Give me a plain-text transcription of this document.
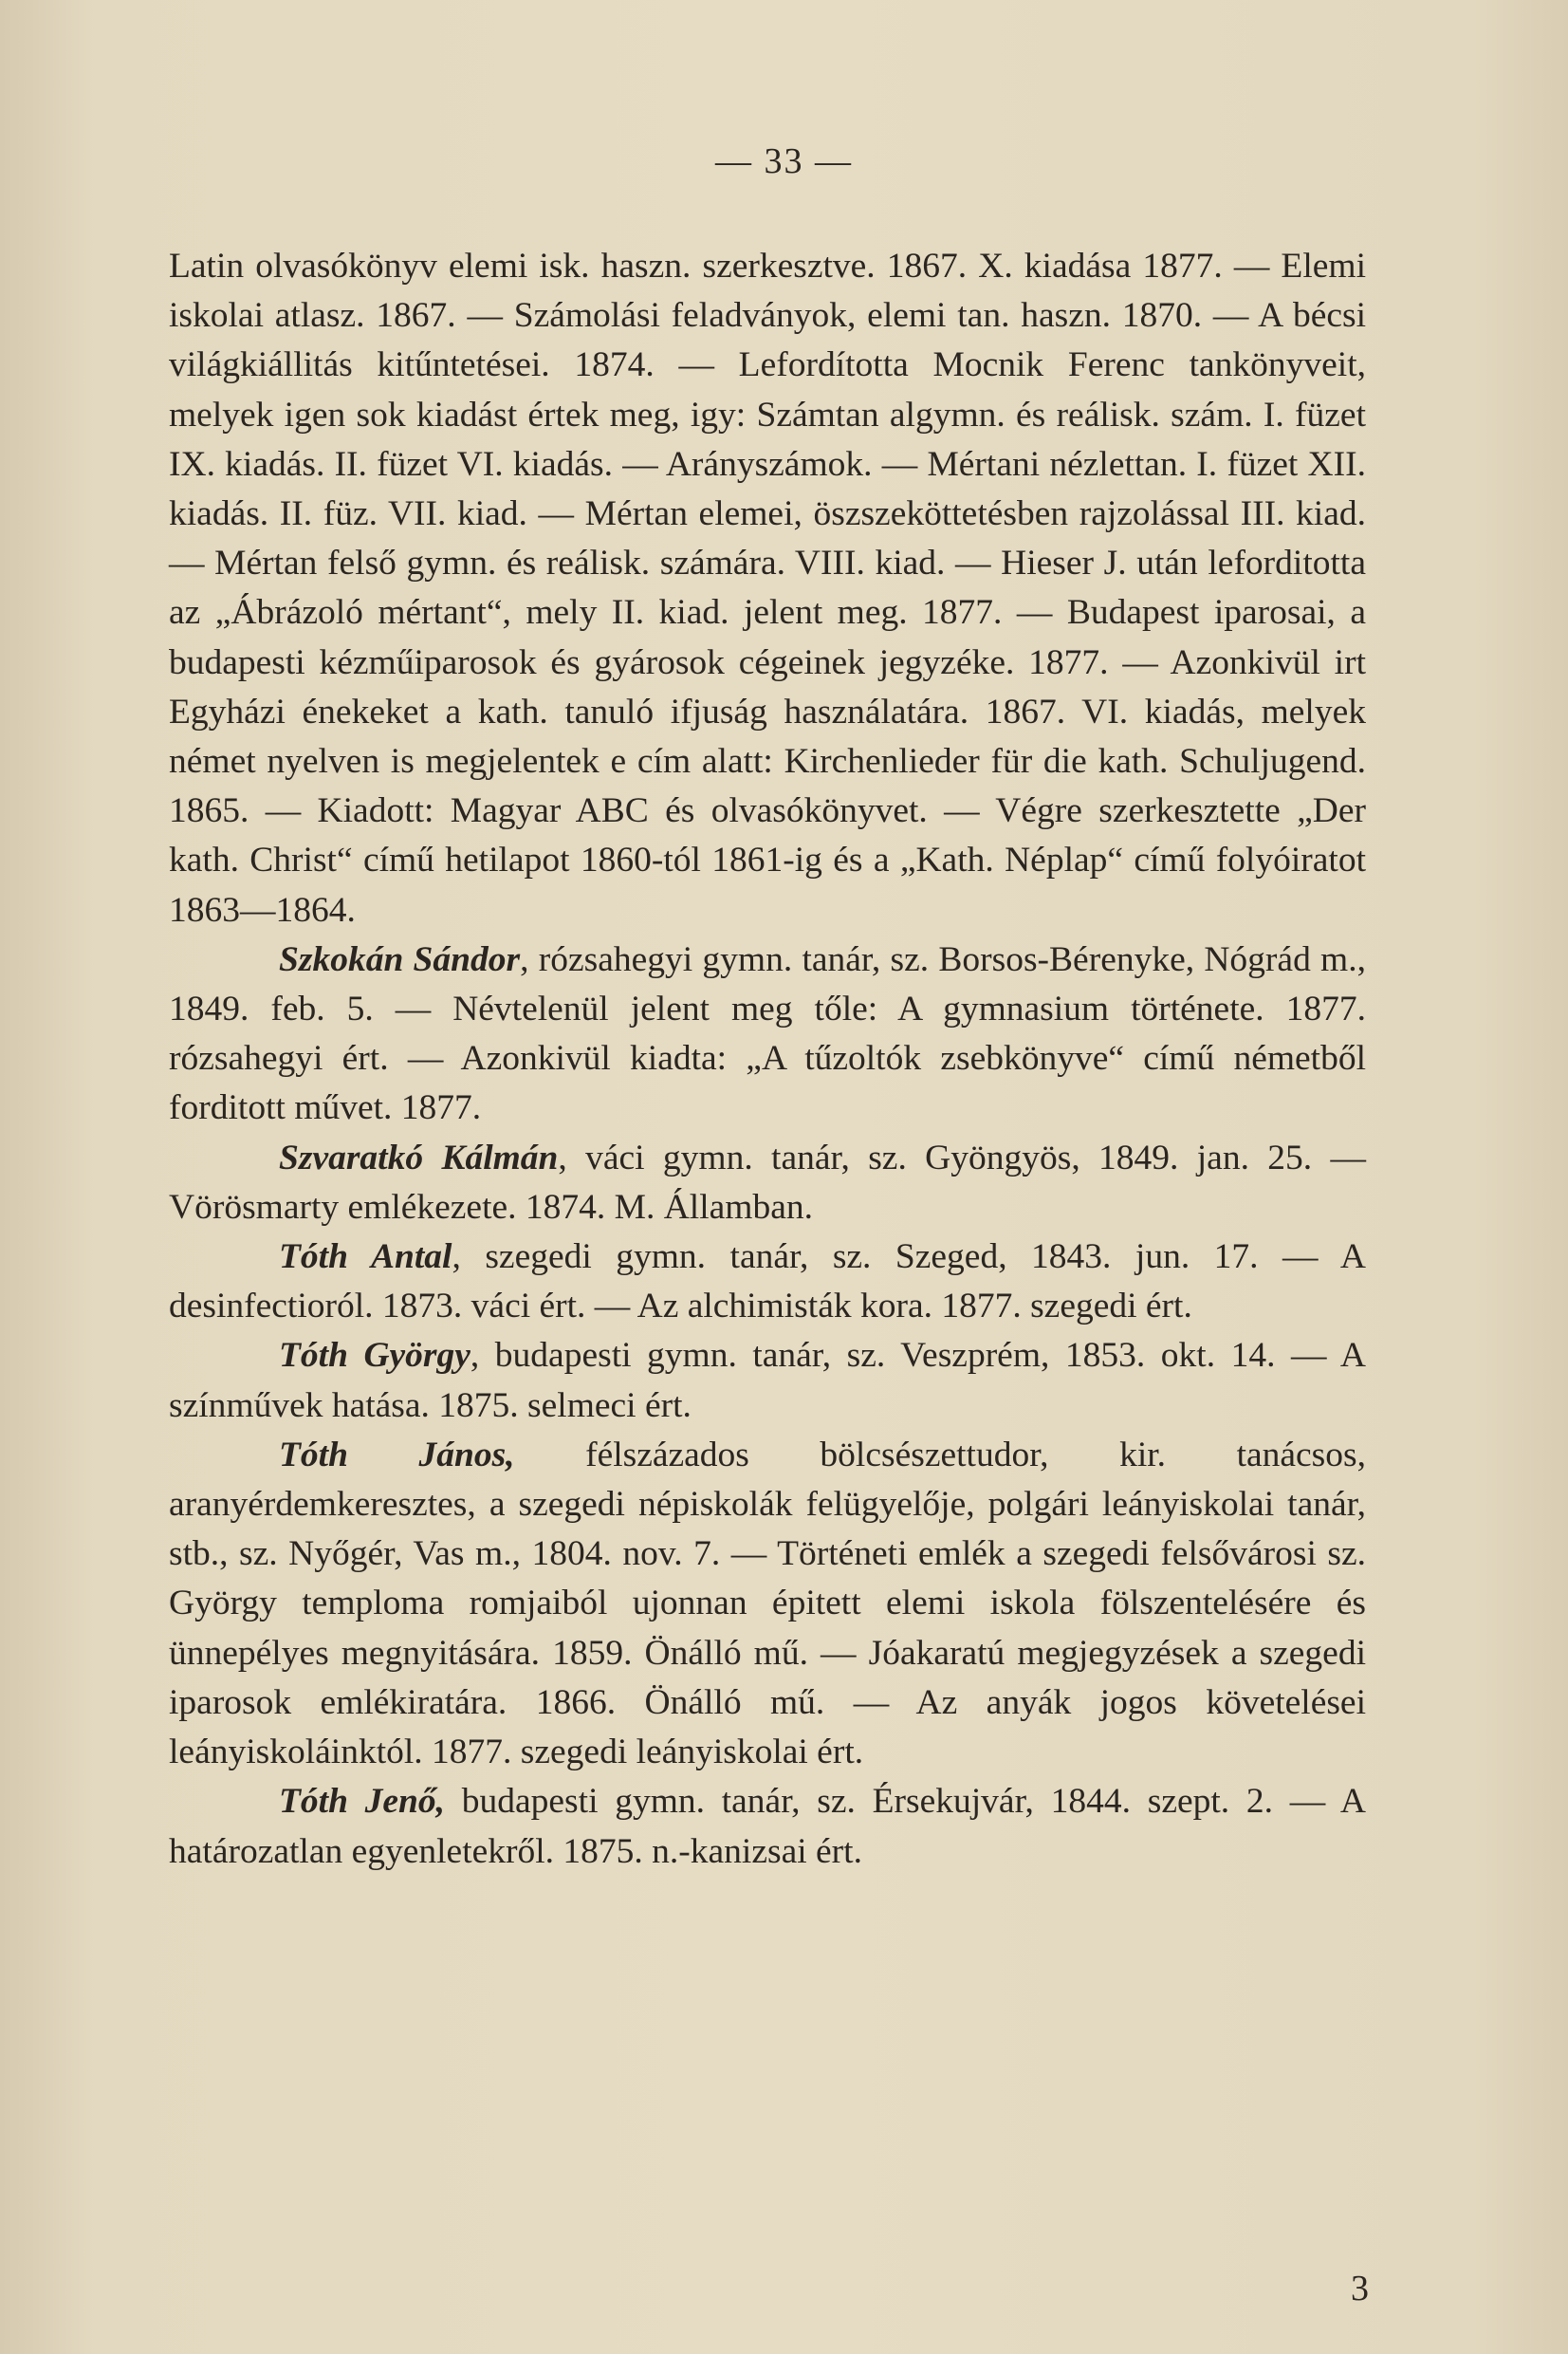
— 33 —

Latin olvasókönyv elemi isk. haszn. szerkesztve. 1867. X. kiadása 1877. — Elemi iskolai atlasz. 1867. — Számolási feladványok, elemi tan. haszn. 1870. — A bécsi világkiállitás kitűntetései. 1874. — Lefordította Mocnik Ferenc tankönyveit, melyek igen sok kiadást értek meg, igy: Számtan algymn. és reálisk. szám. I. füzet IX. kiadás. II. füzet VI. kiadás. — Arányszámok. — Mértani nézlettan. I. füzet XII. kiadás. II. füz. VII. kiad. — Mértan elemei, öszszeköttetésben rajzolással III. kiad. — Mértan felső gymn. és reálisk. számára. VIII. kiad. — Hieser J. után leforditotta az „Ábrázoló mértant“, mely II. kiad. jelent meg. 1877. — Budapest iparosai, a budapesti kézműiparosok és gyárosok cégeinek jegyzéke. 1877. — Azonkivül irt Egyházi énekeket a kath. tanuló ifjuság használatára. 1867. VI. kiadás, melyek német nyelven is megjelentek e cím alatt: Kirchenlieder für die kath. Schuljugend. 1865. — Kiadott: Magyar ABC és olvasókönyvet. — Végre szerkesztette „Der kath. Christ“ című hetilapot 1860-tól 1861-ig és a „Kath. Néplap“ című folyóiratot 1863—1864.

Szkokán Sándor, rózsahegyi gymn. tanár, sz. Borsos-Bérenyke, Nógrád m., 1849. feb. 5. — Névtelenül jelent meg tőle: A gymnasium története. 1877. rózsahegyi ért. — Azonkivül kiadta: „A tűzoltók zsebkönyve“ című németből forditott művet. 1877.

Szvaratkó Kálmán, váci gymn. tanár, sz. Gyöngyös, 1849. jan. 25. — Vörösmarty emlékezete. 1874. M. Államban.

Tóth Antal, szegedi gymn. tanár, sz. Szeged, 1843. jun. 17. — A desinfectioról. 1873. váci ért. — Az alchimisták kora. 1877. szegedi ért.

Tóth György, budapesti gymn. tanár, sz. Veszprém, 1853. okt. 14. — A színművek hatása. 1875. selmeci ért.

Tóth János, félszázados bölcsészettudor, kir. tanácsos, aranyérdemkeresztes, a szegedi népiskolák felügyelője, polgári leányiskolai tanár, stb., sz. Nyőgér, Vas m., 1804. nov. 7. — Történeti emlék a szegedi felsővárosi sz. György temploma romjaiból ujonnan épitett elemi iskola fölszentelésére és ünnepélyes megnyitására. 1859. Önálló mű. — Jóakaratú megjegyzések a szegedi iparosok emlékiratára. 1866. Önálló mű. — Az anyák jogos követelései leányiskoláinktól. 1877. szegedi leányiskolai ért.

Tóth Jenő, budapesti gymn. tanár, sz. Érsekujvár, 1844. szept. 2. — A határozatlan egyenletekről. 1875. n.-kanizsai ért.

3
